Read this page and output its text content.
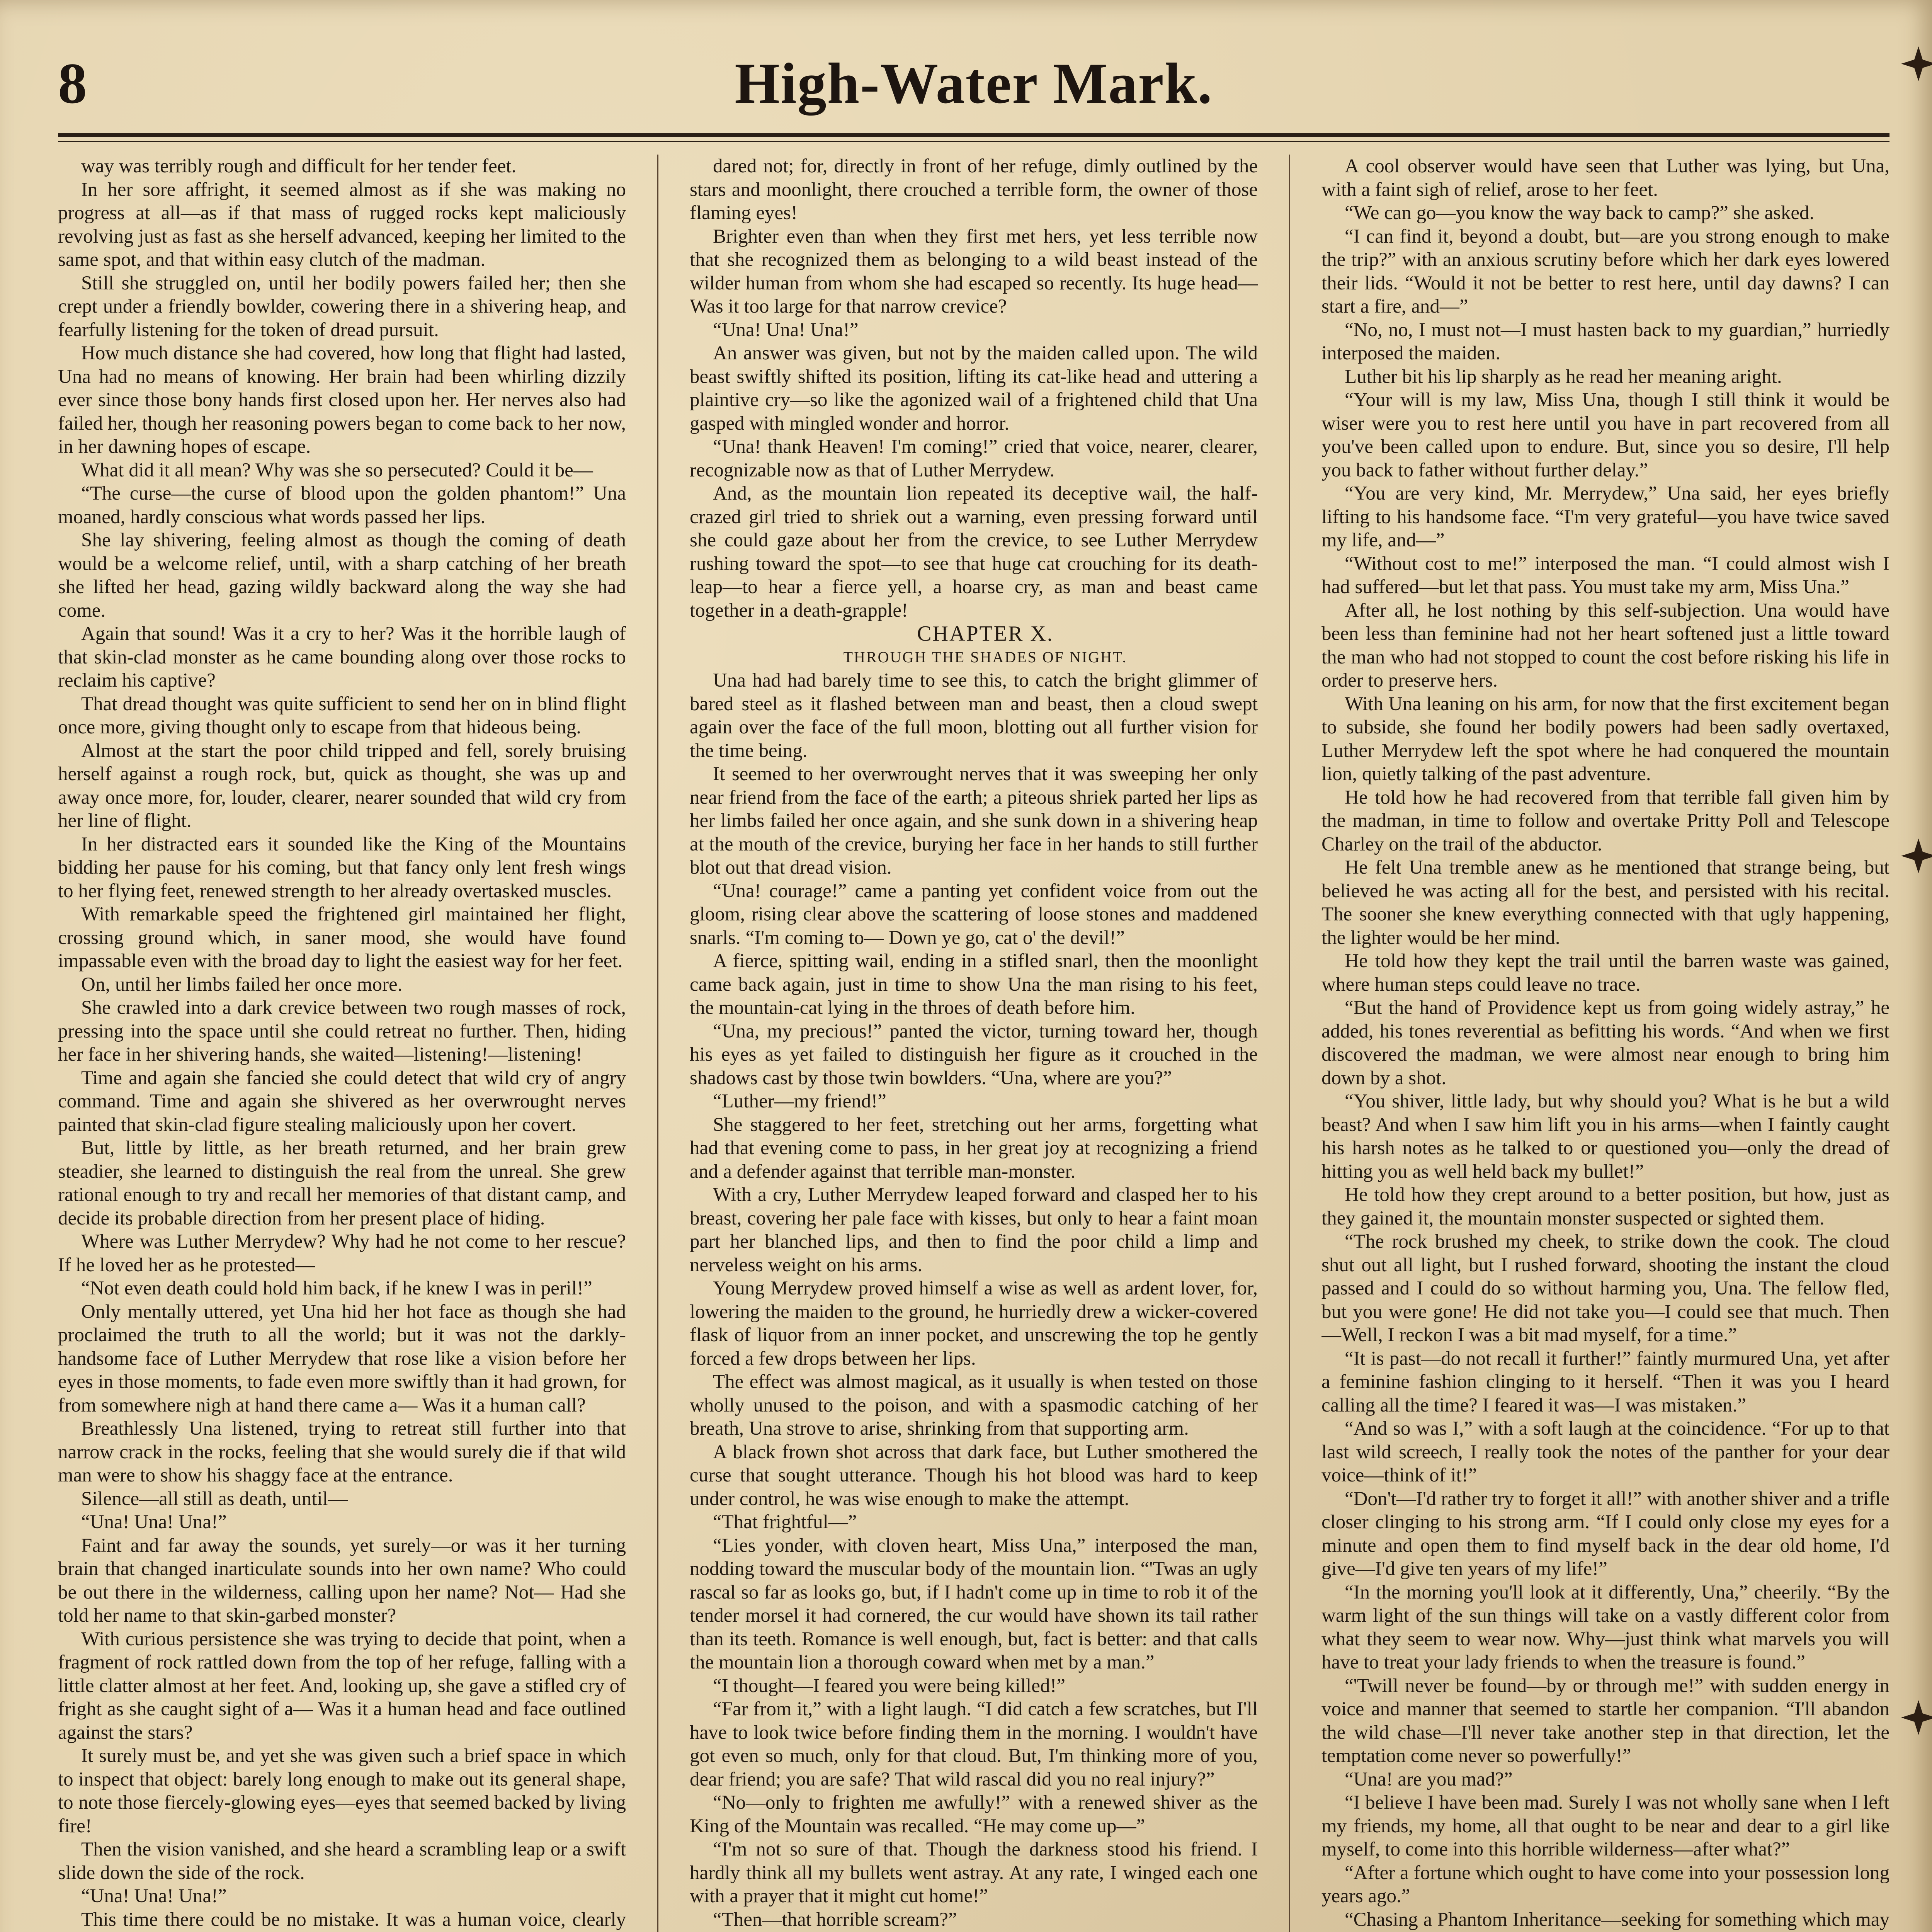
8	High-Water Mark.

way was terribly rough and difficult for her tender feet.

In her sore affright, it seemed almost as if she was making no progress at all—as if that mass of rugged rocks kept maliciously revolving just as fast as she herself advanced, keeping her limited to the same spot, and that within easy clutch of the madman.

Still she struggled on, until her bodily powers failed her; then she crept under a friendly bowlder, cowering there in a shivering heap, and fearfully listening for the token of dread pursuit.

How much distance she had covered, how long that flight had lasted, Una had no means of knowing. Her brain had been whirling dizzily ever since those bony hands first closed upon her. Her nerves also had failed her, though her reasoning powers began to come back to her now, in her dawning hopes of escape.

What did it all mean? Why was she so persecuted? Could it be—

“The curse—the curse of blood upon the golden phantom!” Una moaned, hardly conscious what words passed her lips.

She lay shivering, feeling almost as though the coming of death would be a welcome relief, until, with a sharp catching of her breath she lifted her head, gazing wildly backward along the way she had come.

Again that sound! Was it a cry to her? Was it the horrible laugh of that skin-clad monster as he came bounding along over those rocks to reclaim his captive?

That dread thought was quite sufficient to send her on in blind flight once more, giving thought only to escape from that hideous being.

Almost at the start the poor child tripped and fell, sorely bruising herself against a rough rock, but, quick as thought, she was up and away once more, for, louder, clearer, nearer sounded that wild cry from her line of flight.

In her distracted ears it sounded like the King of the Mountains bidding her pause for his coming, but that fancy only lent fresh wings to her flying feet, renewed strength to her already overtasked muscles.

With remarkable speed the frightened girl maintained her flight, crossing ground which, in saner mood, she would have found impassable even with the broad day to light the easiest way for her feet.

On, until her limbs failed her once more.

She crawled into a dark crevice between two rough masses of rock, pressing into the space until she could retreat no further. Then, hiding her face in her shivering hands, she waited—listening!—listening!

Time and again she fancied she could detect that wild cry of angry command. Time and again she shivered as her overwrought nerves painted that skin-clad figure stealing maliciously upon her covert.

But, little by little, as her breath returned, and her brain grew steadier, she learned to distinguish the real from the unreal. She grew rational enough to try and recall her memories of that distant camp, and decide its probable direction from her present place of hiding.

Where was Luther Merrydew? Why had he not come to her rescue? If he loved her as he protested—

“Not even death could hold him back, if he knew I was in peril!”

Only mentally uttered, yet Una hid her hot face as though she had proclaimed the truth to all the world; but it was not the darkly-handsome face of Luther Merrydew that rose like a vision before her eyes in those moments, to fade even more swiftly than it had grown, for from somewhere nigh at hand there came a— Was it a human call?

Breathlessly Una listened, trying to retreat still further into that narrow crack in the rocks, feeling that she would surely die if that wild man were to show his shaggy face at the entrance.

Silence—all still as death, until—

“Una! Una! Una!”

Faint and far away the sounds, yet surely—or was it her turning brain that changed inarticulate sounds into her own name? Who could be out there in the wilderness, calling upon her name? Not— Had she told her name to that skin-garbed monster?

With curious persistence she was trying to decide that point, when a fragment of rock rattled down from the top of her refuge, falling with a little clatter almost at her feet. And, looking up, she gave a stifled cry of fright as she caught sight of a— Was it a human head and face outlined against the stars?

It surely must be, and yet she was given such a brief space in which to inspect that object: barely long enough to make out its general shape, to note those fiercely-glowing eyes—eyes that seemed backed by living fire!

Then the vision vanished, and she heard a scrambling leap or a swift slide down the side of the rock.

“Una! Una! Una!”

This time there could be no mistake. It was a human voice, clearly

dared not; for, directly in front of her refuge, dimly outlined by the stars and moonlight, there crouched a terrible form, the owner of those flaming eyes!

Brighter even than when they first met hers, yet less terrible now that she recognized them as belonging to a wild beast instead of the wilder human from whom she had escaped so recently. Its huge head— Was it too large for that narrow crevice?

“Una! Una! Una!”

An answer was given, but not by the maiden called upon. The wild beast swiftly shifted its position, lifting its cat-like head and uttering a plaintive cry—so like the agonized wail of a frightened child that Una gasped with mingled wonder and horror.

“Una! thank Heaven! I'm coming!” cried that voice, nearer, clearer, recognizable now as that of Luther Merrydew.

And, as the mountain lion repeated its deceptive wail, the half-crazed girl tried to shriek out a warning, even pressing forward until she could gaze about her from the crevice, to see Luther Merrydew rushing toward the spot—to see that huge cat crouching for its death-leap—to hear a fierce yell, a hoarse cry, as man and beast came together in a death-grapple!

CHAPTER X.

THROUGH THE SHADES OF NIGHT.

Una had had barely time to see this, to catch the bright glimmer of bared steel as it flashed between man and beast, then a cloud swept again over the face of the full moon, blotting out all further vision for the time being.

It seemed to her overwrought nerves that it was sweeping her only near friend from the face of the earth; a piteous shriek parted her lips as her limbs failed her once again, and she sunk down in a shivering heap at the mouth of the crevice, burying her face in her hands to still further blot out that dread vision.

“Una! courage!” came a panting yet confident voice from out the gloom, rising clear above the scattering of loose stones and maddened snarls. “I'm coming to— Down ye go, cat o' the devil!”

A fierce, spitting wail, ending in a stifled snarl, then the moonlight came back again, just in time to show Una the man rising to his feet, the mountain-cat lying in the throes of death before him.

“Una, my precious!” panted the victor, turning toward her, though his eyes as yet failed to distinguish her figure as it crouched in the shadows cast by those twin bowlders. “Una, where are you?”

“Luther—my friend!”

She staggered to her feet, stretching out her arms, forgetting what had that evening come to pass, in her great joy at recognizing a friend and a defender against that terrible man-monster.

With a cry, Luther Merrydew leaped forward and clasped her to his breast, covering her pale face with kisses, but only to hear a faint moan part her blanched lips, and then to find the poor child a limp and nerveless weight on his arms.

Young Merrydew proved himself a wise as well as ardent lover, for, lowering the maiden to the ground, he hurriedly drew a wicker-covered flask of liquor from an inner pocket, and unscrewing the top he gently forced a few drops between her lips.

The effect was almost magical, as it usually is when tested on those wholly unused to the poison, and with a spasmodic catching of her breath, Una strove to arise, shrinking from that supporting arm.

A black frown shot across that dark face, but Luther smothered the curse that sought utterance. Though his hot blood was hard to keep under control, he was wise enough to make the attempt.

“That frightful—”

“Lies yonder, with cloven heart, Miss Una,” interposed the man, nodding toward the muscular body of the mountain lion. “'Twas an ugly rascal so far as looks go, but, if I hadn't come up in time to rob it of the tender morsel it had cornered, the cur would have shown its tail rather than its teeth. Romance is well enough, but, fact is better: and that calls the mountain lion a thorough coward when met by a man.”

“I thought—I feared you were being killed!”

“Far from it,” with a light laugh. “I did catch a few scratches, but I'll have to look twice before finding them in the morning. I wouldn't have got even so much, only for that cloud. But, I'm thinking more of you, dear friend; you are safe? That wild rascal did you no real injury?”

“No—only to frighten me awfully!” with a renewed shiver as the King of the Mountain was recalled. “He may come up—”

“I'm not so sure of that. Though the darkness stood his friend. I hardly think all my bullets went astray. At any rate, I winged each one with a prayer that it might cut home!”

“Then—that horrible scream?”

A cool observer would have seen that Luther was lying, but Una, with a faint sigh of relief, arose to her feet.

“We can go—you know the way back to camp?” she asked.

“I can find it, beyond a doubt, but—are you strong enough to make the trip?” with an anxious scrutiny before which her dark eyes lowered their lids. “Would it not be better to rest here, until day dawns? I can start a fire, and—”

“No, no, I must not—I must hasten back to my guardian,” hurriedly interposed the maiden.

Luther bit his lip sharply as he read her meaning aright.

“Your will is my law, Miss Una, though I still think it would be wiser were you to rest here until you have in part recovered from all you've been called upon to endure. But, since you so desire, I'll help you back to father without further delay.”

“You are very kind, Mr. Merrydew,” Una said, her eyes briefly lifting to his handsome face. “I'm very grateful—you have twice saved my life, and—”

“Without cost to me!” interposed the man. “I could almost wish I had suffered—but let that pass. You must take my arm, Miss Una.”

After all, he lost nothing by this self-subjection. Una would have been less than feminine had not her heart softened just a little toward the man who had not stopped to count the cost before risking his life in order to preserve hers.

With Una leaning on his arm, for now that the first excitement began to subside, she found her bodily powers had been sadly overtaxed, Luther Merrydew left the spot where he had conquered the mountain lion, quietly talking of the past adventure.

He told how he had recovered from that terrible fall given him by the madman, in time to follow and overtake Pritty Poll and Telescope Charley on the trail of the abductor.

He felt Una tremble anew as he mentioned that strange being, but believed he was acting all for the best, and persisted with his recital. The sooner she knew everything connected with that ugly happening, the lighter would be her mind.

He told how they kept the trail until the barren waste was gained, where human steps could leave no trace.

“But the hand of Providence kept us from going widely astray,” he added, his tones reverential as befitting his words. “And when we first discovered the madman, we were almost near enough to bring him down by a shot.

“You shiver, little lady, but why should you? What is he but a wild beast? And when I saw him lift you in his arms—when I faintly caught his harsh notes as he talked to or questioned you—only the dread of hitting you as well held back my bullet!”

He told how they crept around to a better position, but how, just as they gained it, the mountain monster suspected or sighted them.

“The rock brushed my cheek, to strike down the cook. The cloud shut out all light, but I rushed forward, shooting the instant the cloud passed and I could do so without harming you, Una. The fellow fled, but you were gone! He did not take you—I could see that much. Then—Well, I reckon I was a bit mad myself, for a time.”

“It is past—do not recall it further!” faintly murmured Una, yet after a feminine fashion clinging to it herself. “Then it was you I heard calling all the time? I feared it was—I was mistaken.”

“And so was I,” with a soft laugh at the coincidence. “For up to that last wild screech, I really took the notes of the panther for your dear voice—think of it!”

“Don't—I'd rather try to forget it all!” with another shiver and a trifle closer clinging to his strong arm. “If I could only close my eyes for a minute and open them to find myself back in the dear old home, I'd give—I'd give ten years of my life!”

“In the morning you'll look at it differently, Una,” cheerily. “By the warm light of the sun things will take on a vastly different color from what they seem to wear now. Why—just think what marvels you will have to treat your lady friends to when the treasure is found.”

“'Twill never be found—by or through me!” with sudden energy in voice and manner that seemed to startle her companion. “I'll abandon the wild chase—I'll never take another step in that direction, let the temptation come never so powerfully!”

“Una! are you mad?”

“I believe I have been mad. Surely I was not wholly sane when I left my friends, my home, all that ought to be near and dear to a girl like myself, to come into this horrible wilderness—after what?”

“After a fortune which ought to have come into your possession long years ago.”

“Chasing a Phantom Inheritance—seeking for something which may
